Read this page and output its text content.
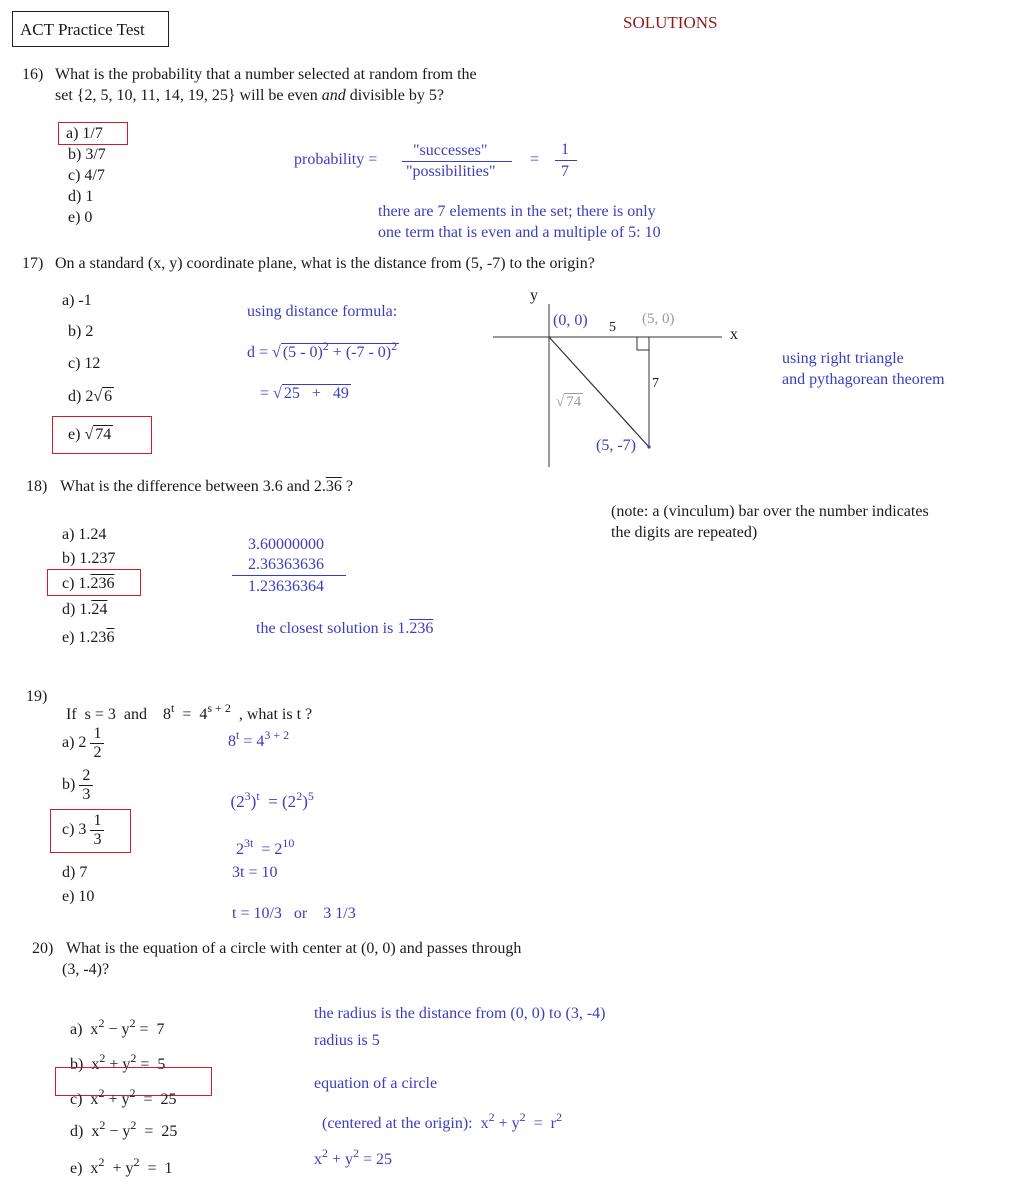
ACT Practice Test	SOLUTIONS
16) What is the probability that a number selected at random from the
set {2, 5, 10, 11, 14, 19, 25} will be even and divisible by 5?
a) 1/7
b) 3/7
c) 4/7
d) 1
e) 0
probability =
"successes"
"possibilities"
=
1
7
there are 7 elements in the set; there is only
one term that is even and a multiple of 5: 10
17) On a standard (x, y) coordinate plane, what is the distance from (5, -7) to the origin?
a) -1
b) 2
c) 12
d) 2√ 6
e) √ 74
using distance formula:
d = √ (5 - 0)$^2$ + (-7 - 0)$^2$
= √ 25   +   49
y
x
(0, 0) 5
(5, 0)
7
√ 74
(5, -7)
using right triangle
and pythagorean theorem
18) What is the difference between 3.6 and 2.36 ?
a) 1.24
b) 1.237
c) 1.236
d) 1.24
e) 1.236
3.60000000
2.36363636
1.23636364
the closest solution is 1.236
(note: a (vinculum) bar over the number indicates
the digits are repeated)
19)

If  s = 3  and    $8^t = 4^{s + 2}$  , what is t ?

a) $2 \frac{1}{2}$
$b) \frac{2}{3}$
c) $3 \frac{1}{3}$
d) 7
e) 10
$8^t = 4^{3 + 2}$

$(2^3)^t = (2^2)^5$

$2^{3t} = 2^{10}$

3t = 10
t = 10/3   or    3 1/3
20) What is the equation of a circle with center at (0, 0) and passes through
(3, -4)?

a)  $x^2 - y^2 = 7$

b)  $x^2 + y^2 = 5$

c)  $x^2 + y^2 = 25$

d)  $x^2 - y^2 = 25$

e)  $x^2 + y^2 = 1$

the radius is the distance from (0, 0) to (3, -4)
radius is 5
equation of a circle

(centered at the origin):  $x^2 + y^2 = r^2$

$x^2 + y^2 = 25$
